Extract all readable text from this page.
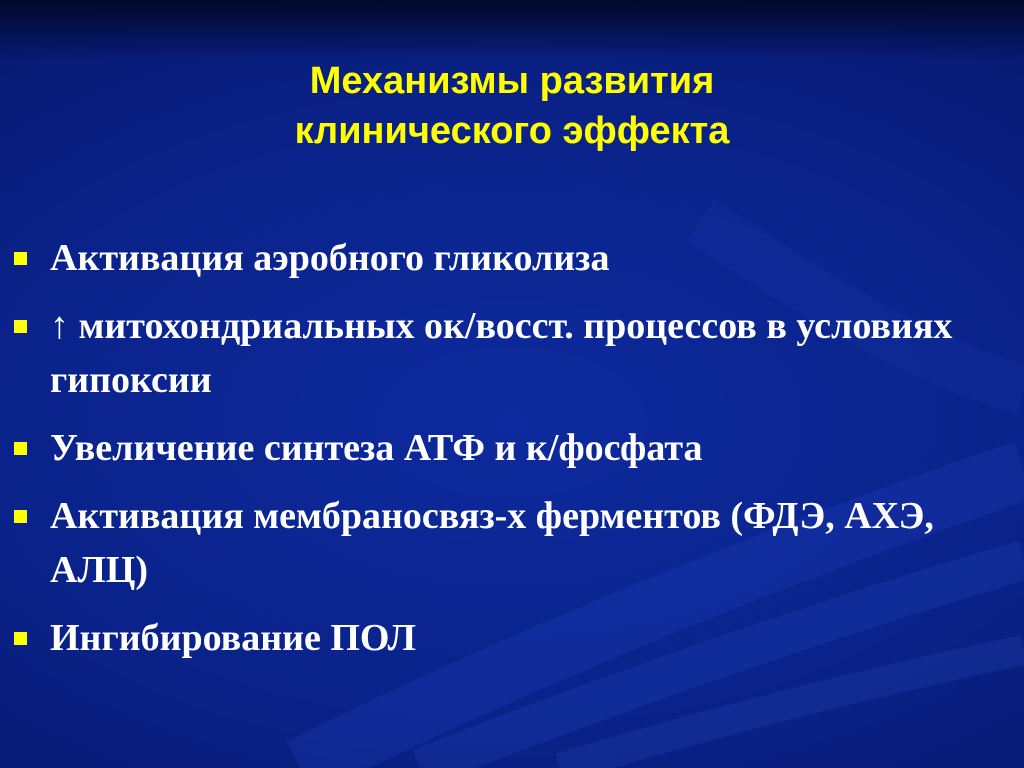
Механизмы развития
клинического эффекта
Активация аэробного гликолиза
↑ митохондриальных ок/восст. процессов в условиях гипоксии
Увеличение синтеза АТФ и к/фосфата
Активация мембраносвяз-х ферментов (ФДЭ, АХЭ, АЛЦ)
Ингибирование ПОЛ
